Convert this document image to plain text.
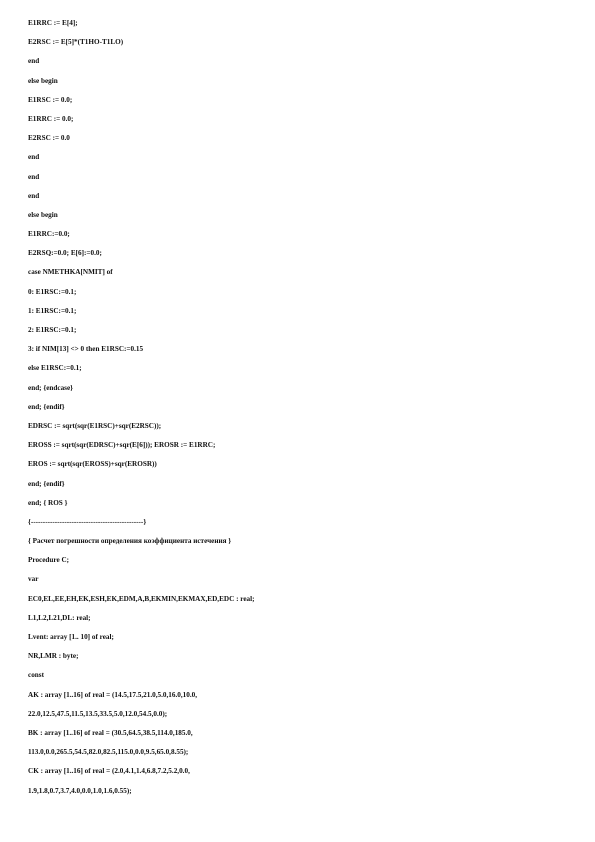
E1RRC := E[4];
E2RSC := E[5]*(T1HO-T1LO)
end
else begin
E1RSC := 0.0;
E1RRC := 0.0;
E2RSC := 0.0
end
end
end
else begin
E1RRC:=0.0;
E2RSQ:=0.0; E[6]:=0.0;
case NMETHKA[NMIT] of
0: E1RSC:=0.1;
1: E1RSC:=0.1;
2: E1RSC:=0.1;
3: if NIM[13] <> 0 then E1RSC:=0.15
else E1RSC:=0.1;
end; {endcase}
end; {endif}
EDRSC := sqrt(sqr(E1RSC)+sqr(E2RSC));
EROSS := sqrt(sqr(EDRSC)+sqr(E[6])); EROSR := E1RRC;
EROS := sqrt(sqr(EROSS)+sqr(EROSR))
end; {endif}
end; { ROS }
{-----------------------------------------------}
{ Расчет погрешности определения коэффициента истечения }
Procedure C;
var
EC0,EL,EE,EH,EK,ESH,EK,EDM,A,B,EKMIN,EKMAX,ED,EDC : real;
L1,L2,L21,DL: real;
Lvent: array [1.. 10] of real;
NR,LMR : byte;
const
AK : array [1..16] of real = (14.5,17.5,21.0,5.0,16.0,10.0,
22.0,12.5,47.5,11.5,13.5,33.5,5.0,12.0,54.5,0.0);
BK : array [1..16] of real = (30.5,64.5,38.5,114.0,185.0,
113.0,0.0,265.5,54.5,82.0,82.5,115.0,0.0,9.5,65.0,8.55);
CK : array [1..16] of real = (2.0,4.1,1.4,6.8,7.2,5.2,0.0,
1.9,1.8,0.7,3.7,4.0,0.0,1.0,1.6,0.55);
